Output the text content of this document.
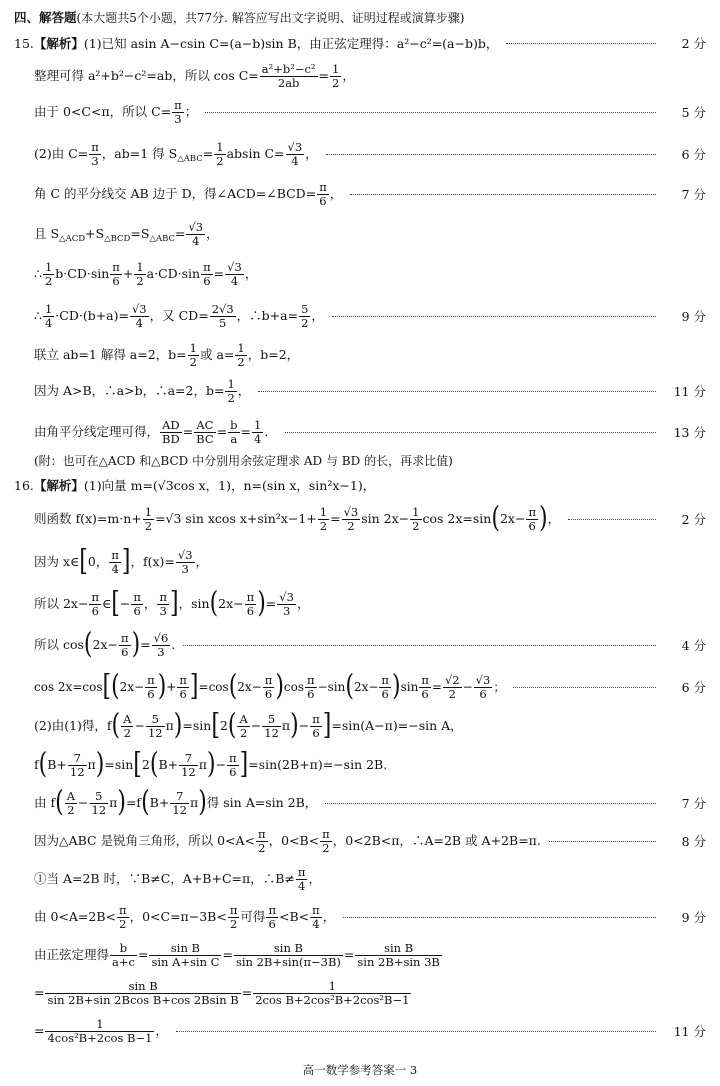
四、解答题(本大题共5个小题，共77分. 解答应写出文字说明、证明过程或演算步骤)
15.【解析】(1)已知 asin A−csin C=(a−b)sin B，由正弦定理得：a²−c²=(a−b)b，	2 分
整理可得 a²+b²−c²=ab，所以 $\cos C= \frac{\text{a²+b²−c²}}{2ab} = \frac{1}{2}$ ，
由于 0<C<π，所以 $C= \frac{\pi}{3}$ ；	5 分
(2)由 $C= \frac{\pi}{3}$ ，ab=1 得 $S_{\triangle ABC}= \frac{1}{2}$ absin $C= \frac{√3}{4}$ ，	6 分
角 C 的平分线交 AB 边于 D，得∠ACD=∠BCD= $\frac{\pi}{6}$ ，	7 分
且 $S_{\triangle ACD}+S_{\triangle BCD}=S_{\triangle ABC}= \frac{√3}{4}$ ，
∴ $\frac{1}{2} b\cdot CD\cdot\sin \frac{\pi}{6} + \frac{1}{2} a\cdot CD\cdot\sin \frac{\pi}{6} = \frac{√3}{4}$ ，
∴ $\frac{1}{4} \cdot CD\cdot(b+a)= \frac{√3}{4}$ ，又 $CD= \frac{2√3}{5}$ ，∴b+a= $\frac{5}{2}$ ，	9 分
联立 ab=1 解得 a=2，$b= \frac{1}{2}$ 或 $a= \frac{1}{2}$ ，b=2，
因为 A>B，∴a>b，∴a=2，$b= \frac{1}{2}$ ，	11 分
由角平分线定理可得， $\frac{AD}{BD} = \frac{AC}{BC} = \frac{b}{a} = \frac{1}{4}$ ．	13 分
(附：也可在△ACD 和△BCD 中分别用余弦定理求 AD 与 BD 的长，再求比值)
16.【解析】(1)向量 m=(√3cos x，1)，n=(sin x，sin²x−1)，
则函数 $f(x)=m\cdot n+ \frac{1}{2} =√3$ sin xcos $x+\sin^2x-1+ \frac{1}{2} = \frac{√3}{2}$ $\sin 2x- \frac{1}{2}$ $\cos 2x=\sin(2x- \frac{\pi}{6}$ )，	2 分
因为 x∈[0， $\frac{\pi}{4}$ ]，$f(x)= \frac{√3}{3}$ ，
所以 $2x- \frac{\pi}{6}$ ∈[− $\frac{\pi}{6}$ ， $\frac{\pi}{3}$ ]，$\sin(2x- \frac{\pi}{6}$ )= $\frac{√3}{3}$ ，
所以 $\cos(2x- \frac{\pi}{6}$ )= $\frac{√6}{3}$ .	4 分
$\cos 2x=\cos[(2x- \frac{\pi}{6}$ )+ $\frac{\pi}{6} ]=\cos(2x- \frac{\pi}{6} )\cos \frac{\pi}{6} -\sin(2x- \frac{\pi}{6} )\sin \frac{\pi}{6} = \frac{√2}{2} - \frac{√3}{6}$ ；	6 分
(2)由(1)得，$f( \frac{A}{2} - \frac{5}{12} \pi)=\sin[2( \frac{A}{2} - \frac{5}{12} \pi)- \frac{\pi}{6} ]=\sin(A-\pi)=-\sin$ A，
$f(B+ \frac{7}{12} \pi)=\sin[2(B+ \frac{7}{12} \pi)- \frac{\pi}{6} ]=\sin(2B+\pi)=-\sin$ 2B.
由 $f( \frac{A}{2} - \frac{5}{12} \pi)=f(B+ \frac{7}{12} \pi)$得 sin A=sin 2B，	7 分
因为△ABC 是锐角三角形，所以 $0<A< \frac{\pi}{2}$ ，$0<B< \frac{\pi}{2}$ ，0<2B<π，∴A=2B 或 A+2B=π.	8 分
①当 A=2B 时，∵B≠C，A+B+C=π，∴B≠ $\frac{\pi}{4}$ ，
由 $0<A=2B< \frac{\pi}{2}$ ，$0<C=\pi-3B< \frac{\pi}{2}$ 可得 $\frac{\pi}{6} <B< \frac{\pi}{4}$ ，	9 分
由正弦定理得 $\frac{b}{a+c} = \frac{\text{sin B}}{\text{sin A+sin C}} = \frac{\text{sin B}}{\sin 2B+\sin(\pi-3B)} = \frac{\text{sin B}}{\sin 2B+\sin 3B}$
= $\frac{\text{sin B}}{\text{sin 2B+sin 2Bcos B+cos 2Bsin B}} = \frac{1}{\text{2cos B+2cos²B+2cos²B−1}}$
= $\frac{1}{\text{4cos²B+2cos B−1}}$ ，	11 分
高一数学参考答案一 3
